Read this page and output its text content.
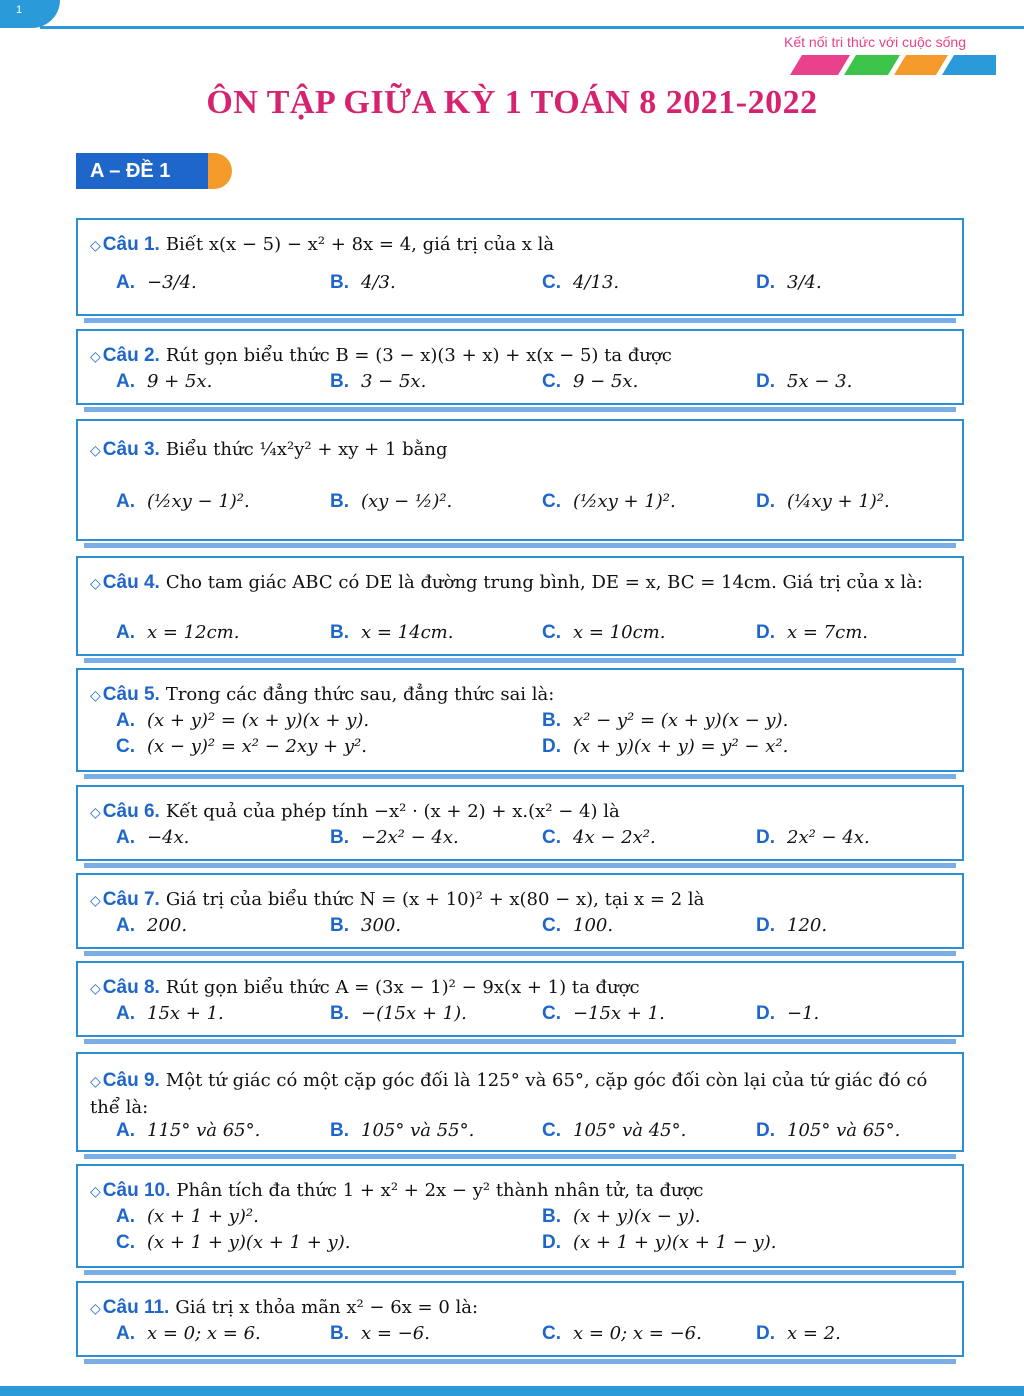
1
Kết nối tri thức với cuộc sống
ÔN TẬP GIỮA KỲ 1 TOÁN 8 2021-2022
A – ĐỀ 1
◇ Câu 1. Biết x(x − 5) − x² + 8x = 4, giá trị của x là
A. −3/4.	B. 4/3.	C. 4/13.	D. 3/4.
◇ Câu 2. Rút gọn biểu thức B = (3 − x)(3 + x) + x(x − 5) ta được
A. 9 + 5x.	B. 3 − 5x.	C. 9 − 5x.	D. 5x − 3.
◇ Câu 3. Biểu thức ¼x²y² + xy + 1 bằng
A. (½xy − 1)².	B. (xy − ½)².	C. (½xy + 1)².	D. (¼xy + 1)².
◇ Câu 4. Cho tam giác ABC có DE là đường trung bình, DE = x, BC = 14cm. Giá trị của x là:
A. x = 12cm.	B. x = 14cm.	C. x = 10cm.	D. x = 7cm.
◇ Câu 5. Trong các đẳng thức sau, đẳng thức sai là:
A. (x + y)² = (x + y)(x + y).	B. x² − y² = (x + y)(x − y).
C. (x − y)² = x² − 2xy + y².	D. (x + y)(x + y) = y² − x².
◇ Câu 6. Kết quả của phép tính −x² · (x + 2) + x.(x² − 4) là
A. −4x.	B. −2x² − 4x.	C. 4x − 2x².	D. 2x² − 4x.
◇ Câu 7. Giá trị của biểu thức N = (x + 10)² + x(80 − x), tại x = 2 là
A. 200.	B. 300.	C. 100.	D. 120.
◇ Câu 8. Rút gọn biểu thức A = (3x − 1)² − 9x(x + 1) ta được
A. 15x + 1.	B. −(15x + 1).	C. −15x + 1.	D. −1.
◇ Câu 9. Một tứ giác có một cặp góc đối là 125° và 65°, cặp góc đối còn lại của tứ giác đó có thể là:
A. 115° và 65°.	B. 105° và 55°.	C. 105° và 45°.	D. 105° và 65°.
◇ Câu 10. Phân tích đa thức 1 + x² + 2x − y² thành nhân tử, ta được
A. (x + 1 + y)².	B. (x + y)(x − y).
C. (x + 1 + y)(x + 1 + y).	D. (x + 1 + y)(x + 1 − y).
◇ Câu 11. Giá trị x thỏa mãn x² − 6x = 0 là:
A. x = 0; x = 6.	B. x = −6.	C. x = 0; x = −6.	D. x = 2.
